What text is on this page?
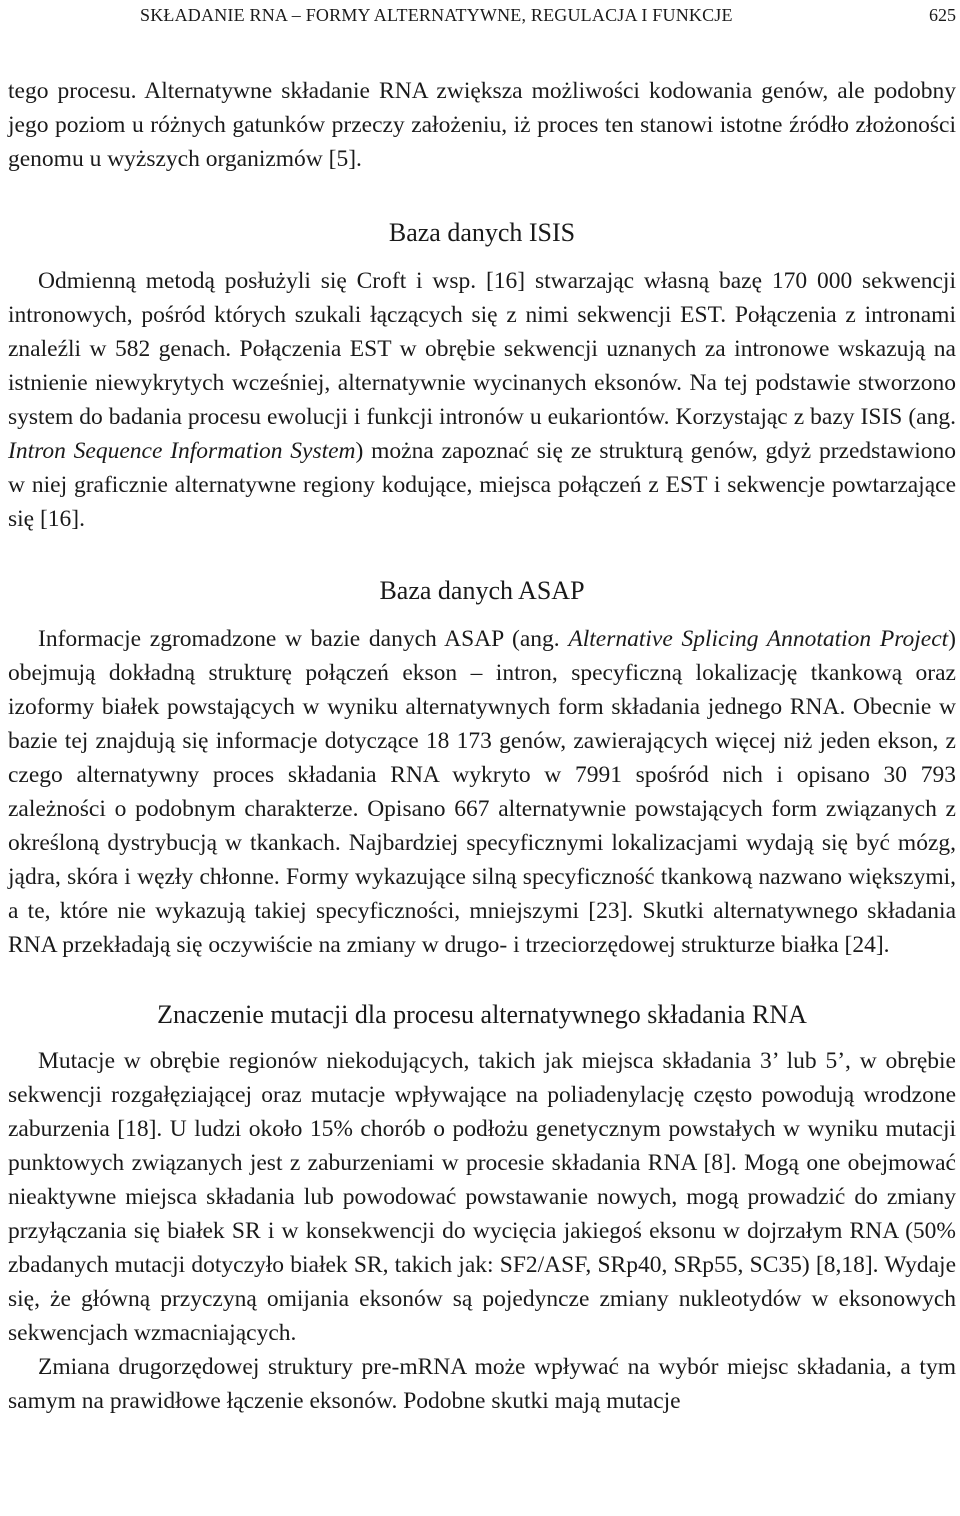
SKŁADANIE RNA – FORMY ALTERNATYWNE, REGULACJA I FUNKCJE	625

tego procesu. Alternatywne składanie RNA zwiększa możliwości kodowania genów, ale podobny jego poziom u różnych gatunków przeczy założeniu, iż proces ten stanowi istotne źródło złożoności genomu u wyższych organizmów [5].

Baza danych ISIS

Odmienną metodą posłużyli się Croft i wsp. [16] stwarzając własną bazę 170 000 sekwencji intronowych, pośród których szukali łączących się z nimi sekwencji EST. Połączenia z intronami znaleźli w 582 genach. Połączenia EST w obrębie sekwencji uznanych za intronowe wskazują na istnienie niewykrytych wcześniej, alternatywnie wycinanych eksonów. Na tej podstawie stworzono system do badania procesu ewolucji i funkcji intronów u eukariontów. Korzystając z bazy ISIS (ang. Intron Sequence Information System) można zapoznać się ze strukturą genów, gdyż przedstawiono w niej graficznie alternatywne regiony kodujące, miejsca połączeń z EST i sekwencje powtarzające się [16].

Baza danych ASAP

Informacje zgromadzone w bazie danych ASAP (ang. Alternative Splicing Annotation Project) obejmują dokładną strukturę połączeń ekson – intron, specyficzną lokalizację tkankową oraz izoformy białek powstających w wyniku alternatywnych form składania jednego RNA. Obecnie w bazie tej znajdują się informacje dotyczące 18 173 genów, zawierających więcej niż jeden ekson, z czego alternatywny proces składania RNA wykryto w 7991 spośród nich i opisano 30 793 zależności o podobnym charakterze. Opisano 667 alternatywnie powstających form związanych z określoną dystrybucją w tkankach. Najbardziej specyficznymi lokalizacjami wydają się być mózg, jądra, skóra i węzły chłonne. Formy wykazujące silną specyficzność tkankową nazwano większymi, a te, które nie wykazują takiej specyficzności, mniejszymi [23]. Skutki alternatywnego składania RNA przekładają się oczywiście na zmiany w drugo- i trzeciorzędowej strukturze białka [24].

Znaczenie mutacji dla procesu alternatywnego składania RNA

Mutacje w obrębie regionów niekodujących, takich jak miejsca składania 3’ lub 5’, w obrębie sekwencji rozgałęziającej oraz mutacje wpływające na poliadenylację często powodują wrodzone zaburzenia [18]. U ludzi około 15% chorób o podłożu genetycznym powstałych w wyniku mutacji punktowych związanych jest z zaburzeniami w procesie składania RNA [8]. Mogą one obejmować nieaktywne miejsca składania lub powodować powstawanie nowych, mogą prowadzić do zmiany przyłączania się białek SR i w konsekwencji do wycięcia jakiegoś eksonu w dojrzałym RNA (50% zbadanych mutacji dotyczyło białek SR, takich jak: SF2/ASF, SRp40, SRp55, SC35) [8,18]. Wydaje się, że główną przyczyną omijania eksonów są pojedyncze zmiany nukleotydów w eksonowych sekwencjach wzmacniających.

Zmiana drugorzędowej struktury pre-mRNA może wpływać na wybór miejsc składania, a tym samym na prawidłowe łączenie eksonów. Podobne skutki mają mutacje
